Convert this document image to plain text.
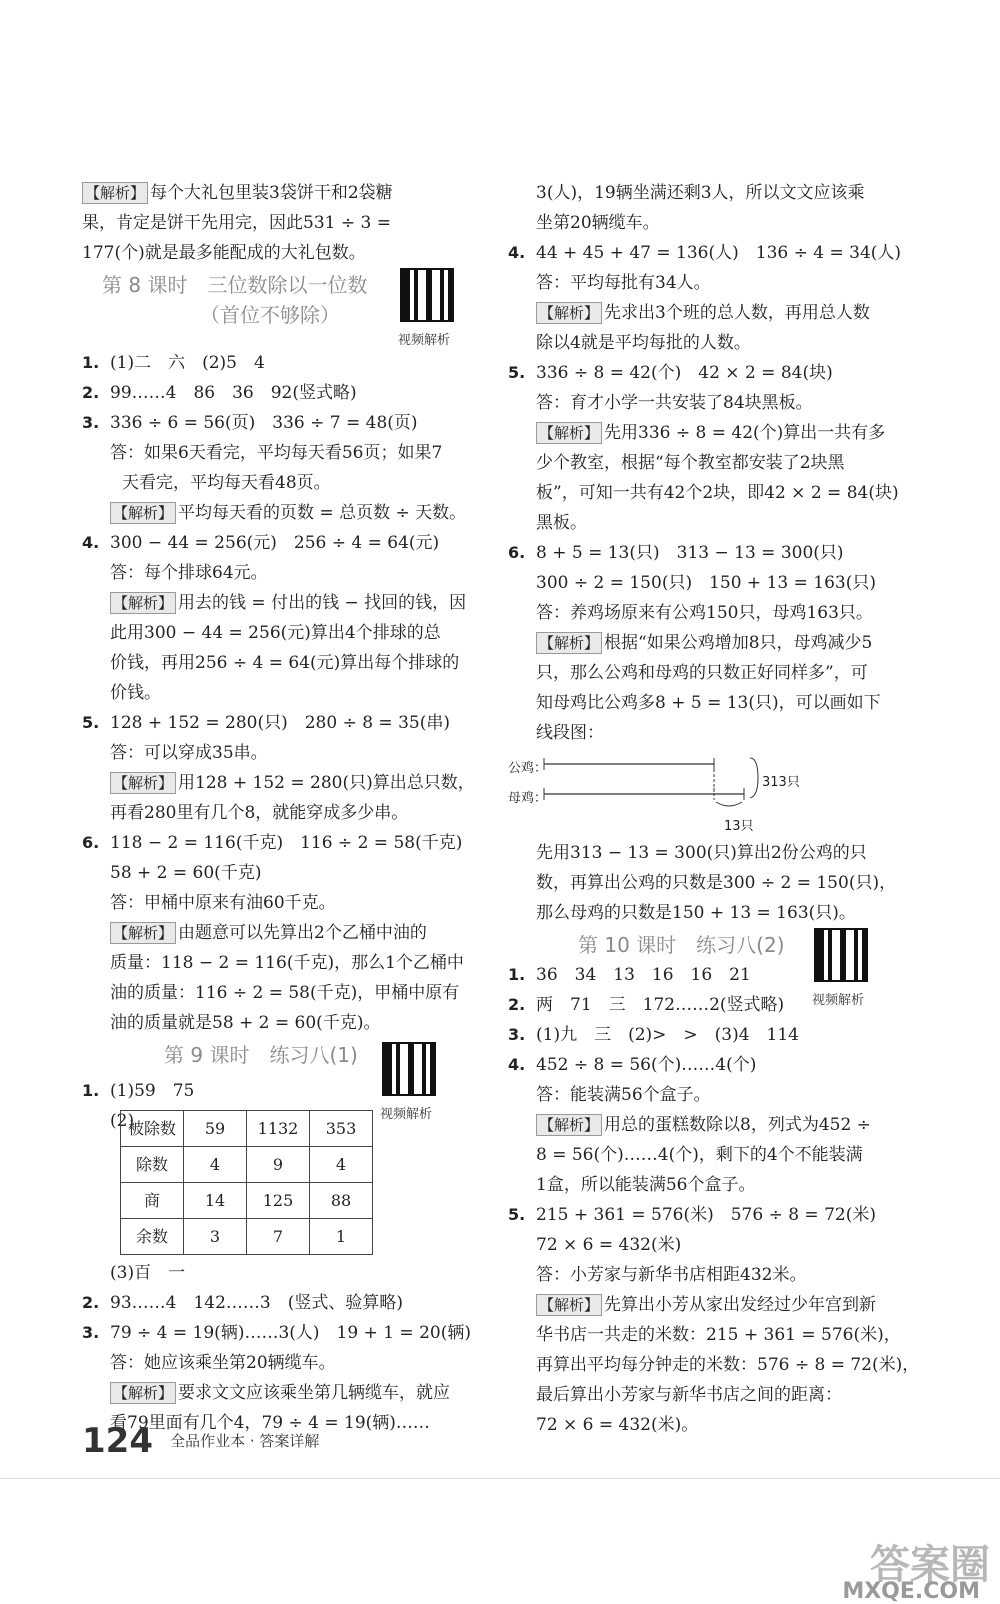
【解析】 每个大礼包里装3袋饼干和2袋糖
果，肯定是饼干先用完，因此531 ÷ 3 =
177(个)就是最多能配成的大礼包数。
第 8 课时　三位数除以一位数
（首位不够除）
视频解析
1. (1)二　六　(2)5　4
2. 99……4　86　36　92(竖式略)
3. 336 ÷ 6 = 56(页)　336 ÷ 7 = 48(页)
答：如果6天看完，平均每天看56页；如果7
天看完，平均每天看48页。
【解析】 平均每天看的页数 = 总页数 ÷ 天数。
4. 300 − 44 = 256(元)　256 ÷ 4 = 64(元)
答：每个排球64元。
【解析】 用去的钱 = 付出的钱 − 找回的钱，因
此用300 − 44 = 256(元)算出4个排球的总
价钱，再用256 ÷ 4 = 64(元)算出每个排球的
价钱。
5. 128 + 152 = 280(只)　280 ÷ 8 = 35(串)
答：可以穿成35串。
【解析】 用128 + 152 = 280(只)算出总只数，
再看280里有几个8，就能穿成多少串。
6. 118 − 2 = 116(千克)　116 ÷ 2 = 58(千克)
58 + 2 = 60(千克)
答：甲桶中原来有油60千克。
【解析】 由题意可以先算出2个乙桶中油的
质量：118 − 2 = 116(千克)，那么1个乙桶中
油的质量：116 ÷ 2 = 58(千克)，甲桶中原有
油的质量就是58 + 2 = 60(千克)。
第 9 课时　练习八(1)
视频解析
1. (1)59　75
(2)
被除数	59	1132	353
除数	4	9	4
商	14	125	88
余数	3	7	1
(3)百　一
2. 93……4　142……3　(竖式、验算略)
3. 79 ÷ 4 = 19(辆)……3(人)　19 + 1 = 20(辆)
答：她应该乘坐第20辆缆车。
【解析】 要求文文应该乘坐第几辆缆车，就应
看79里面有几个4，79 ÷ 4 = 19(辆)……
3(人)，19辆坐满还剩3人，所以文文应该乘
坐第20辆缆车。
4. 44 + 45 + 47 = 136(人)　136 ÷ 4 = 34(人)
答：平均每批有34人。
【解析】 先求出3个班的总人数，再用总人数
除以4就是平均每批的人数。
5. 336 ÷ 8 = 42(个)　42 × 2 = 84(块)
答：育才小学一共安装了84块黑板。
【解析】 先用336 ÷ 8 = 42(个)算出一共有多
少个教室，根据“每个教室都安装了2块黑
板”，可知一共有42个2块，即42 × 2 = 84(块)
黑板。
6. 8 + 5 = 13(只)　313 − 13 = 300(只)
300 ÷ 2 = 150(只)　150 + 13 = 163(只)
答：养鸡场原来有公鸡150只，母鸡163只。
【解析】 根据“如果公鸡增加8只，母鸡减少5
只，那么公鸡和母鸡的只数正好同样多”，可
知母鸡比公鸡多8 + 5 = 13(只)，可以画如下
线段图：
公鸡：
母鸡：
313只
13只
先用313 − 13 = 300(只)算出2份公鸡的只
数，再算出公鸡的只数是300 ÷ 2 = 150(只)，
那么母鸡的只数是150 + 13 = 163(只)。
第 10 课时　练习八(2)
视频解析
1. 36　34　13　16　16　21
2. 两　71　三　172……2(竖式略)
3. (1)九　三　(2)>　>　(3)4　114
4. 452 ÷ 8 = 56(个)……4(个)
答：能装满56个盒子。
【解析】 用总的蛋糕数除以8，列式为452 ÷
8 = 56(个)……4(个)，剩下的4个不能装满
1盒，所以能装满56个盒子。
5. 215 + 361 = 576(米)　576 ÷ 8 = 72(米)
72 × 6 = 432(米)
答：小芳家与新华书店相距432米。
【解析】 先算出小芳从家出发经过少年宫到新
华书店一共走的米数：215 + 361 = 576(米)，
再算出平均每分钟走的米数：576 ÷ 8 = 72(米)，
最后算出小芳家与新华书店之间的距离：
72 × 6 = 432(米)。
124 全品作业本 · 答案详解
答案圈
MXQE.COM
